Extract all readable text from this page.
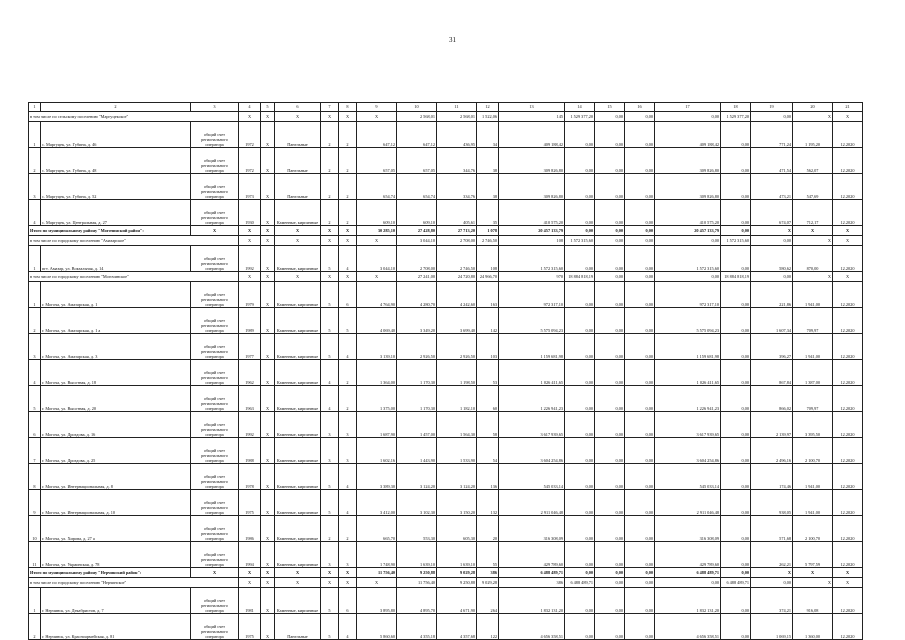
31
1	2	3	4	5	6	7	8	9	10	11	12	13	14	15	16	17	18	19	20	21
в том числе по сельскому поселению "Маргуцекское"			X	X	X	X	X	X	2 568,01	2 568,01	1 522,06	145	1 529 377,20	0,00	0,00	0,00	1 529 377,20	0,00	X	X
1	с. Маргуцек, ул. Губина, д. 46	общий счет регионального оператора	1972	X	Панельные	2	2	647,12	647,12	436,95	34	409 188,42	0,00	0,00	0,00	409 188,42	0,00	771,24	1 195,20	12.2020
2	с. Маргуцек, ул. Губина, д. 48	общий счет регионального оператора	1972	X	Панельные	2	2	657,05	657,05	344,76	38	309 826,80	0,00	0,00	0,00	309 826,80	0,00	471,54	562,07	12.2020
3	с. Маргуцек, ул. Губина, д. 52	общий счет регионального оператора	1973	X	Панельные	2	2	654,74	654,74	334,76	38	309 826,80	0,00	0,00	0,00	309 826,80	0,00	473,21	547,69	12.2020
4	с. Маргуцек, ул. Центральная, д. 27	общий счет регионального оператора	1930	X	Каменные, кирпичные	2	2	609,10	609,10	405,61	35	410 575,20	0,00	0,00	0,00	410 575,20	0,00	674,07	712,17	12.2020
Итого по муниципальному району "Могочинский район":		X	X	X	X	X	X	30 285,10	27 428,80	27 713,20	1 078	20 457 133,79	0,00	0,00	0,00	20 457 133,79	0,00	X	X	X
в том числе по городскому поселению "Амазарское"			X	X	X	X	X	X	3 044,10	2 708,00	2 746,50	108	1 572 315,60	0,00	0,00	0,00	1 572 315,60	0,00	X	X
1	пгт. Амазар, ул. Вокзальная, д. 14	общий счет регионального оператора	1992	X	Каменные, кирпичные	5	4	3 044,10	2 708,00	2 746,50	108	1 572 315,60	0,00	0,00	0,00	1 572 315,60	0,00	580,62	870,00	12.2020
в том числе по городскому поселению "Могочинское"			X	X	X	X	X	X	27 241,00	24 720,80	24 966,70	970	18 884 818,19	0,00	0,00	0,00	18 884 818,19	0,00	X	X
1	г. Могоча, ул. Амазарская, д. 1	общий счет регионального оператора	1979	X	Каменные, кирпичные	5	6	4 764,90	4 280,70	4 242,60	163	972 317,10	0,00	0,00	0,00	972 317,10	0,00	221,86	1 941,00	12.2020
2	г. Могоча, ул. Амазарская, д. 1 а	общий счет регионального оператора	1989	X	Каменные, кирпичные	5	5	4 069,40	3 349,20	3 699,40	142	5 575 094,23	0,00	0,00	0,00	5 575 094,23	0,00	1 607,34	709,97	12.2020
3	г. Могоча, ул. Амазарская, д. 3	общий счет регионального оператора	1977	X	Каменные, кирпичные	5	4	3 139,10	2 926,50	2 926,50	103	1 159 681,98	0,00	0,00	0,00	1 159 681,98	0,00	396,27	1 941,00	12.2020
4	г. Могоча, ул. Высотная, д. 18	общий счет регионального оператора	1962	X	Каменные, кирпичные	4	2	1 364,00	1 170,30	1 198,50	53	1 026 411,65	0,00	0,00	0,00	1 026 411,65	0,00	867,84	1 387,00	12.2020
5	г. Могоча, ул. Высотная, д. 20	общий счет регионального оператора	1963	X	Каменные, кирпичные	4	2	1 375,00	1 170,30	1 182,10	60	1 226 941,23	0,00	0,00	0,00	1 226 941,23	0,00	866,02	709,97	12.2020
6	г. Могоча, ул. Дроздова, д. 16	общий счет регионального оператора	1992	X	Каменные, кирпичные	3	3	1 687,90	1 457,00	1 564,30	58	3 617 939,65	0,00	0,00	0,00	3 617 939,65	0,00	2 139,97	3 395,50	12.2020
7	г. Могоча, ул. Дроздова, д. 25	общий счет регионального оператора	1988	X	Каменные, кирпичные	3	3	1 602,16	1 443,90	1 533,90	54	3 604 254,86	0,00	0,00	0,00	3 604 254,86	0,00	2 496,16	2 100,70	12.2020
8	г. Могоча, ул. Интернациональная, д. 8	общий счет регионального оператора	1978	X	Каменные, кирпичные	5	4	3 389,30	3 124,20	3 124,20	136	545 033,14	0,00	0,00	0,00	545 033,14	0,00	174,46	1 941,00	12.2020
9	г. Могоча, ул. Интернациональная, д. 10	общий счет регионального оператора	1975	X	Каменные, кирпичные	5	4	3 412,00	3 102,30	3 150,20	132	2 911 046,48	0,00	0,00	0,00	2 911 046,48	0,00	938,05	1 941,00	12.2020
10	г. Могоча, ул. Хирова, д. 27 а	общий счет регионального оператора	1986	X	Каменные, кирпичные	2	2	665,70	553,30	605,30	20	316 308,09	0,00	0,00	0,00	316 308,09	0,00	571,68	2 100,70	12.2020
11	г. Могоча, ул. Украинская, д. 78	общий счет регионального оператора	1994	X	Каменные, кирпичные	3	3	1 748,90	1 639,10	1 639,10	55	429 789,60	0,00	0,00	0,00	429 789,60	0,00	262,21	5 797,59	12.2020
Итого по муниципальному району "Нерчинский район":		X	X	X	X	X	X	11 756,40	9 250,88	9 029,28	386	6 488 489,71	0,00	0,00	0,00	6 488 489,71	0,00	X	X	X
в том числе по городскому поселению "Нерчинское"			X	X	X	X	X	X	11 756,40	9 250,88	9 029,28	386	6 488 489,71	0,00	0,00	0,00	6 488 489,71	0,00	X	X
1	г. Нерчинск, ул. Декабристов, д. 7	общий счет регионального оператора	1981	X	Каменные, кирпичные	5	6	3 895,80	4 895,70	4 671,90	264	1 832 131,20	0,00	0,00	0,00	1 832 131,20	0,00	374,21	916,08	12.2020
2	г. Нерчинск, ул. Красноармейская, д. 81	общий счет регионального оператора	1975	X	Панельные	5	4	5 860,60	4 355,18	4 357,68	122	4 656 358,51	0,00	0,00	0,00	4 656 358,51	0,00	1 069,15	1 360,00	12.2020
